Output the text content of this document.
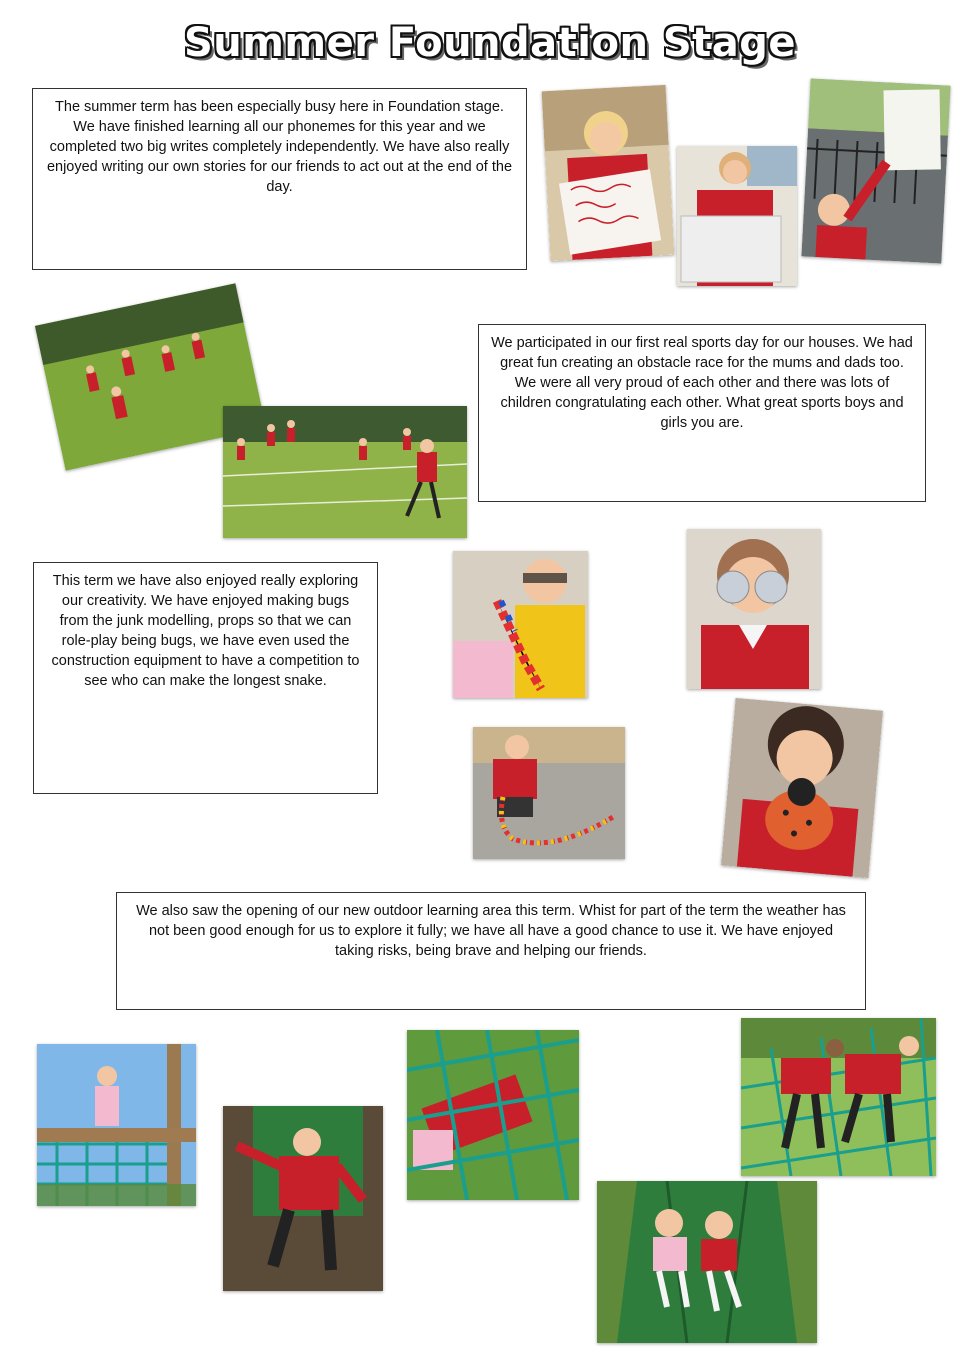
Summer Foundation Stage
The summer term has been especially busy here in Foundation stage. We have finished learning all our phonemes for this year and we completed two big writes completely independently. We have also really enjoyed writing our own stories for our friends to act out at the end of the day.
We participated in our first real sports day for our houses. We had great fun creating an obstacle race for the mums and dads too. We were all very proud of each other and there was lots of children congratulating each other. What great sports boys and girls you are.
This term we have also enjoyed really exploring our creativity. We have enjoyed making bugs from the junk modelling, props so that we can role-play being bugs, we have even used the construction equipment to have a competition to see who can make the longest snake.
We also saw the opening of our new outdoor learning area this term. Whist for part of the term the weather has not been good enough for us to explore it fully; we have all have a good chance to use it. We have enjoyed taking risks, being brave and helping our friends.
